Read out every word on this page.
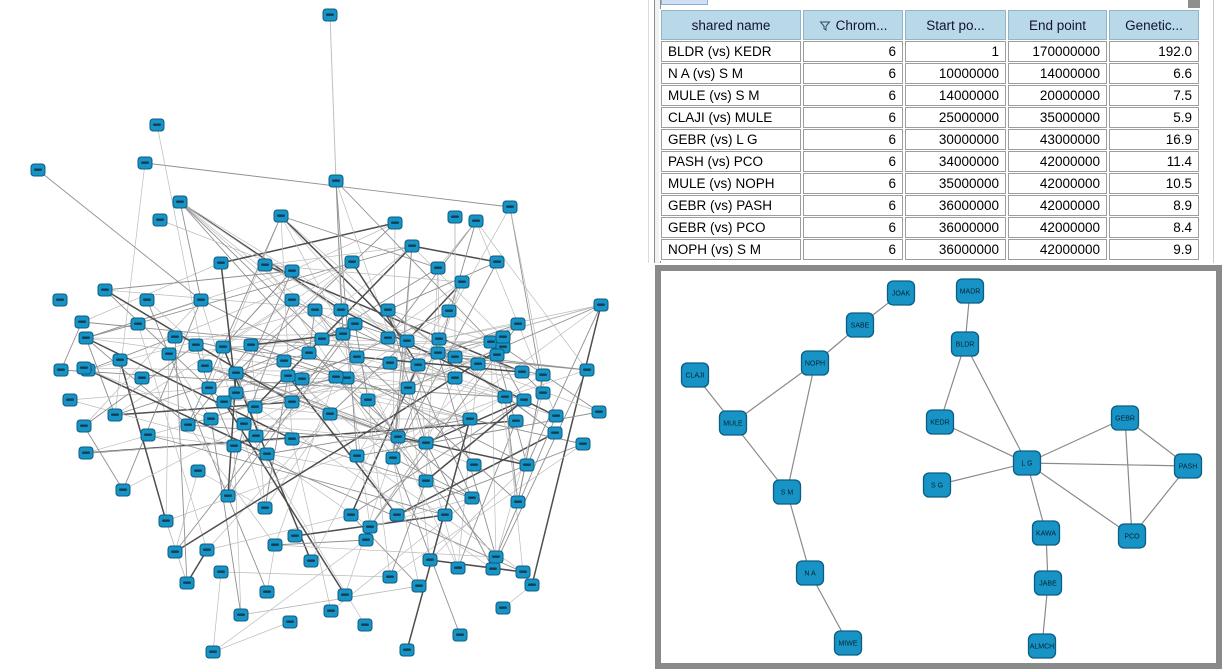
shared name	Chrom...	Start po...	End point	Genetic...
BLDR (vs) KEDR	6	1	170000000	192.0
N A (vs) S M	6	10000000	14000000	6.6
MULE (vs) S M	6	14000000	20000000	7.5
CLAJI (vs) MULE	6	25000000	35000000	5.9
GEBR (vs) L G	6	30000000	43000000	16.9
PASH (vs) PCO	6	34000000	42000000	11.4
MULE (vs) NOPH	6	35000000	42000000	10.5
GEBR (vs) PASH	6	36000000	42000000	8.9
GEBR (vs) PCO	6	36000000	42000000	8.4
NOPH (vs) S M	6	36000000	42000000	9.9
JOAK	MADR
SABE
BLDR
NOPH
CLAJI
KEDR
GEBR
MULE
L G	PASH
S G
S M
KAWA	PCO
N A
JABE
MIWE	ALMCH
